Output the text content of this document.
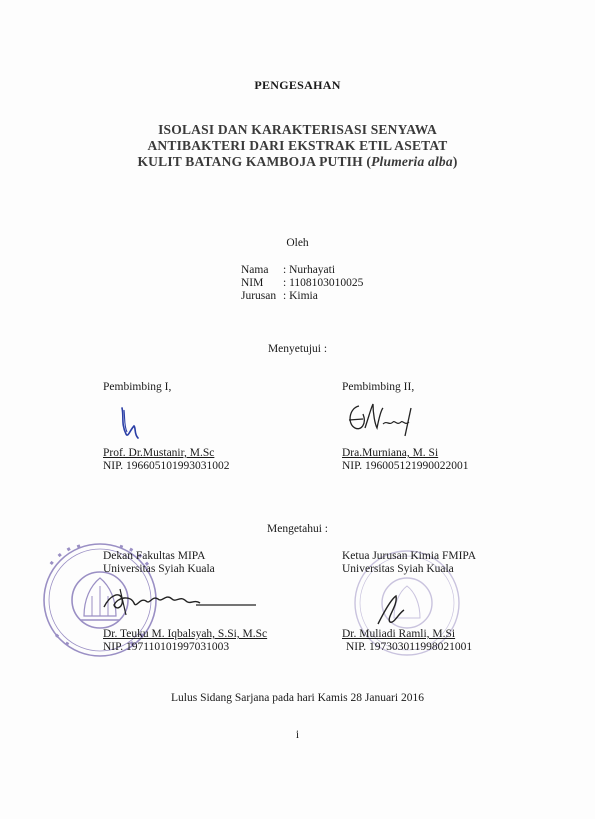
PENGESAHAN
ISOLASI DAN KARAKTERISASI SENYAWA
ANTIBAKTERI DARI EKSTRAK ETIL ASETAT
KULIT BATANG KAMBOJA PUTIH (Plumeria alba)
Oleh
Nama	: Nurhayati
NIM	: 1108103010025
Jurusan	: Kimia
Menyetujui :
Pembimbing I,
Prof. Dr.Mustanir, M.Sc
NIP. 196605101993031002
Pembimbing II,
Dra.Murniana, M. Si
NIP. 196005121990022001
Mengetahui :
Dekan Fakultas MIPA
Universitas Syiah Kuala
Dr. Teuku M. Iqbalsyah, S.Si, M.Sc
NIP. 197110101997031003
Ketua Jurusan Kimia FMIPA
Universitas Syiah Kuala
Dr. Muliadi Ramli, M.Si
NIP. 197303011998021001
Lulus Sidang Sarjana pada hari Kamis 28 Januari 2016
i
